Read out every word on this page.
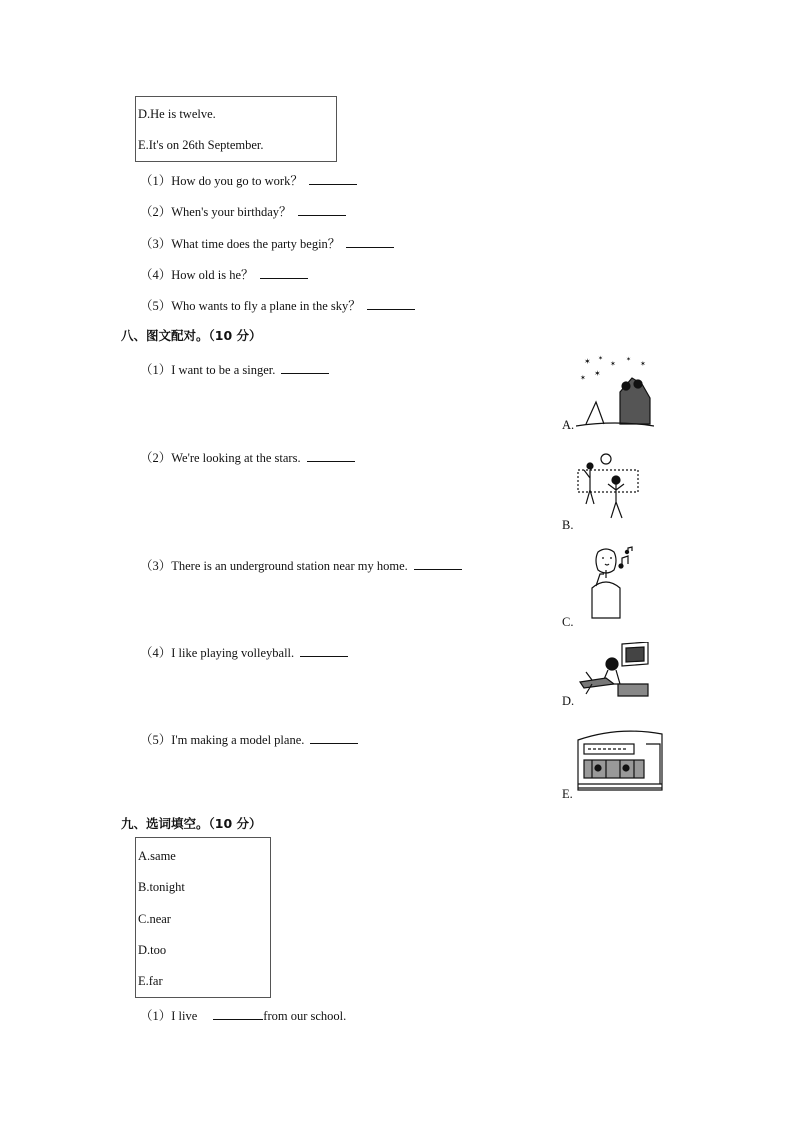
D.He is twelve.
E.It's on 26th September.
（1）How do you go to work？
（2）When's your birthday？
（3）What time does the party begin？
（4）How old is he？
（5）Who wants to fly a plane in the sky？
八、图文配对。（10 分）
（1）I want to be a singer.
（2）We're looking at the stars.
（3）There is an underground station near my home.
（4）I like playing volleyball.
（5）I'm making a model plane.
✶ ✶
✶ ✶ ✶
✶ ✶
A.
B.
C.
D.
E.
九、选词填空。（10 分）
A.same
B.tonight
C.near
D.too
E.far
（1）I live	from our school.
